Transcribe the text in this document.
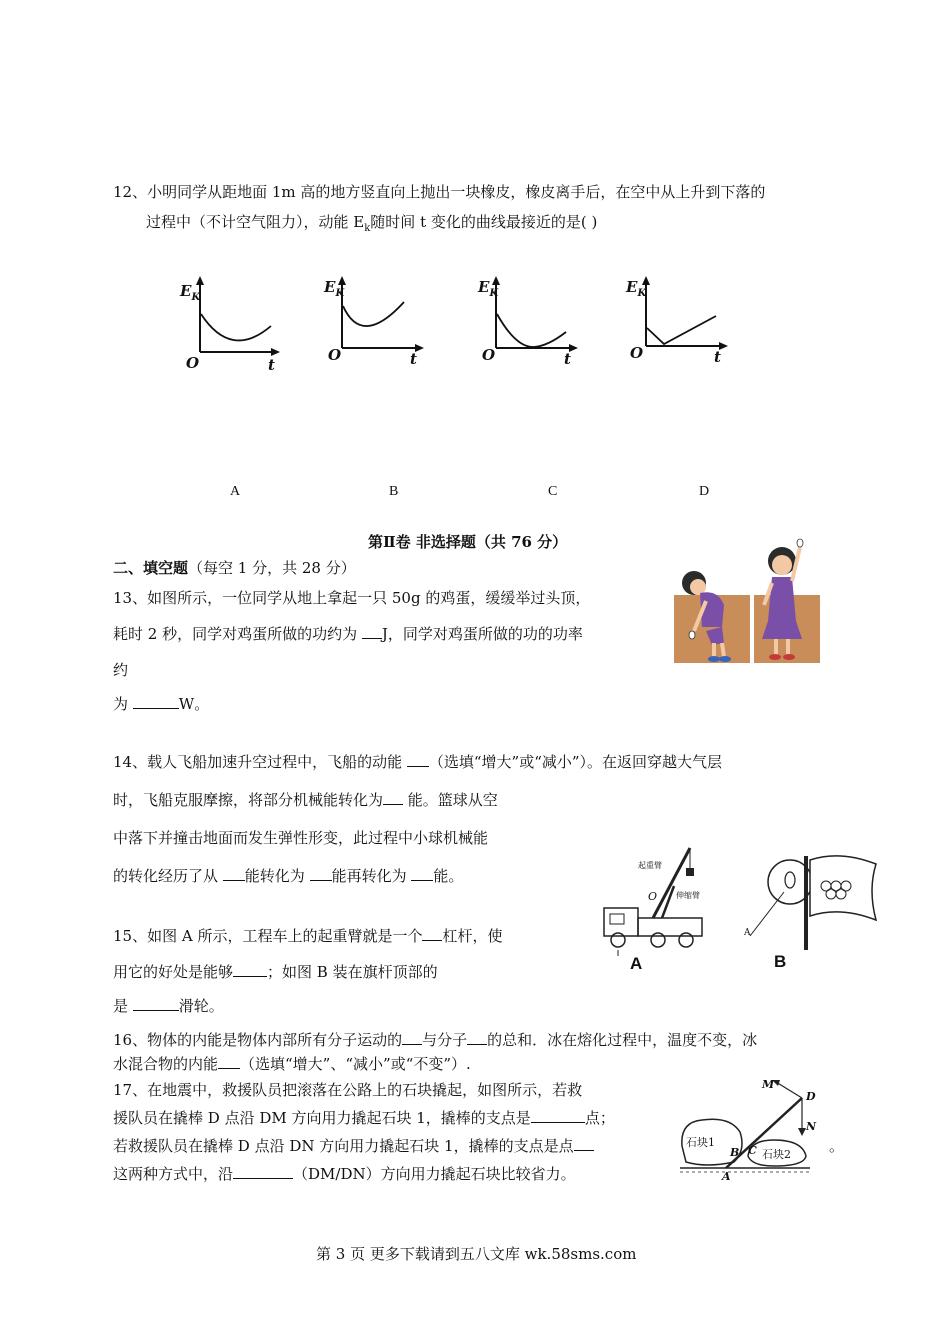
12、小明同学从距地面 1m 高的地方竖直向上抛出一块橡皮，橡皮离手后，在空中从上升到下落的
过程中（不计空气阻力），动能 $E_k$随时间 t 变化的曲线最接近的是( )
$E_K$
O	t
$E_K$
O	t
$E_K$
O	t
$E_K$
O	t
A	B	C	D
第Ⅱ卷 非选择题（共 76 分）
二、填空题（每空 1 分，共 28 分）
13、如图所示，一位同学从地上拿起一只 50g 的鸡蛋，缓缓举过头顶，
耗时 2 秒，同学对鸡蛋所做的功约为 J，同学对鸡蛋所做的功的功率
约
为	W。
14、载人飞船加速升空过程中，飞船的动能 （选填“增大”或“减小”）。在返回穿越大气层
时，飞船克服摩擦，将部分机械能转化为 能。篮球从空
中落下并撞击地面而发生弹性形变，此过程中小球机械能
的转化经历了从 能转化为 能再转化为 能。
起重臂
伸缩臂
O
A
A
B
15、如图 A 所示，工程车上的起重臂就是一个 杠杆，使
用它的好处是能够 ；如图 B 装在旗杆顶部的
是	滑轮。
16、物体的内能是物体内部所有分子运动的 与分子 的总和．冰在熔化过程中，温度不变，冰
水混合物的内能 （选填“增大”、“减小”或“不变”）.
17、在地震中，救援队员把滚落在公路上的石块撬起，如图所示，若救
援队员在撬棒 D 点沿 DM 方向用力撬起石块 1，撬棒的支点是	点；
若救援队员在撬棒 D 点沿 DN 方向用力撬起石块 1，撬棒的支点是点	。
这两种方式中，沿	（DM/DN）方向用力撬起石块比较省力。
石块1
石块2
M
D
N
B C
A
第 3 页 更多下载请到五八文库 wk.58sms.com
